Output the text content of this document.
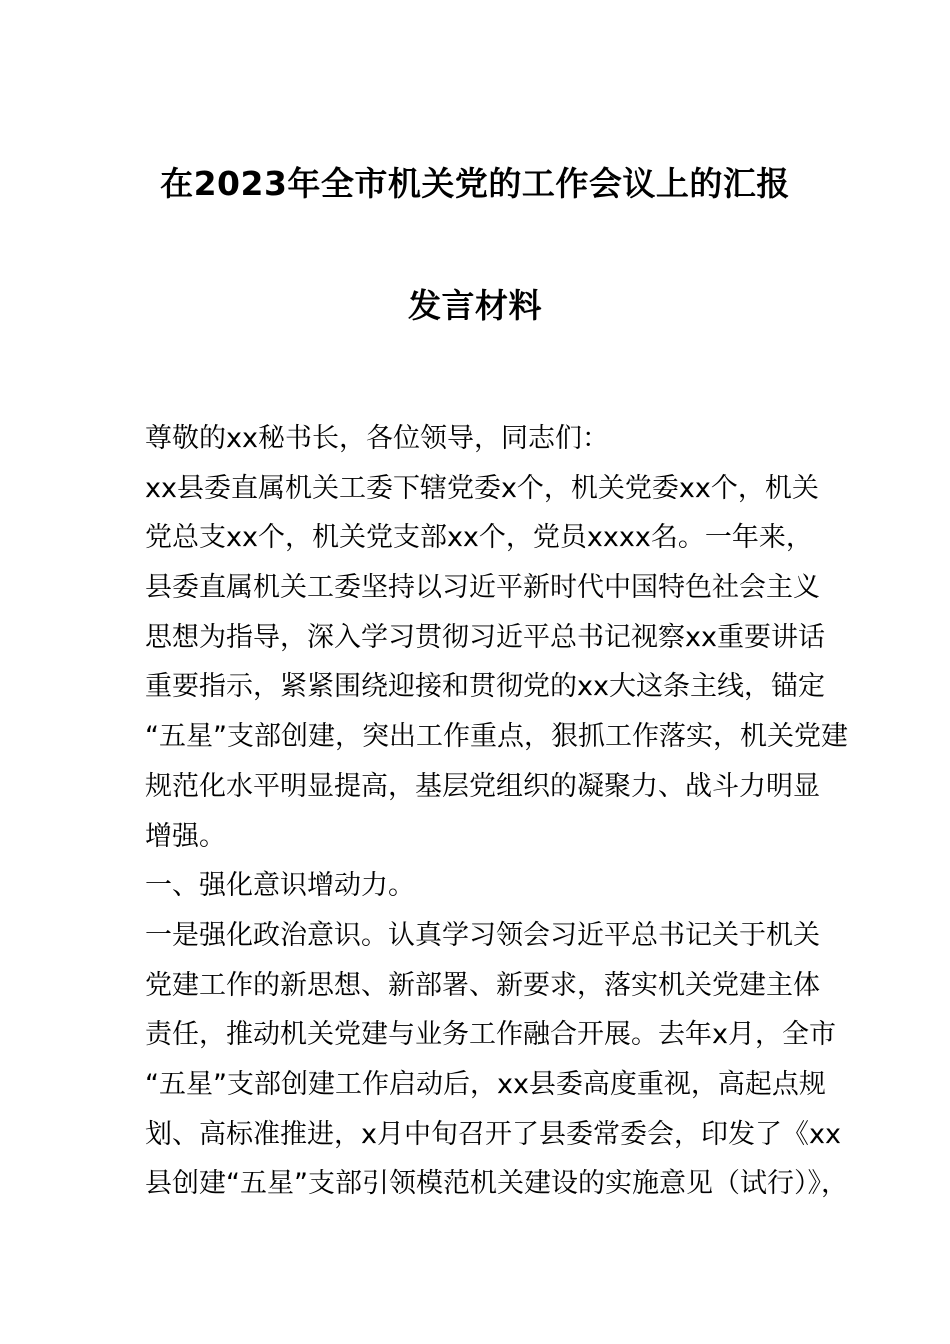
在2023年全市机关党的工作会议上的汇报
发言材料
尊敬的xx秘书长，各位领导，同志们：
xx县委直属机关工委下辖党委x个，机关党委xx个，机关
党总支xx个，机关党支部xx个，党员xxxx名。一年来，
县委直属机关工委坚持以习近平新时代中国特色社会主义
思想为指导，深入学习贯彻习近平总书记视察xx重要讲话
重要指示，紧紧围绕迎接和贯彻党的xx大这条主线，锚定
“五星”支部创建，突出工作重点，狠抓工作落实，机关党建
规范化水平明显提高，基层党组织的凝聚力、战斗力明显
增强。
一、强化意识增动力。
一是强化政治意识。认真学习领会习近平总书记关于机关
党建工作的新思想、新部署、新要求，落实机关党建主体
责任，推动机关党建与业务工作融合开展。去年x月，全市
“五星”支部创建工作启动后，xx县委高度重视，高起点规
划、高标准推进，x月中旬召开了县委常委会，印发了《xx
县创建“五星”支部引领模范机关建设的实施意见（试行）》，
